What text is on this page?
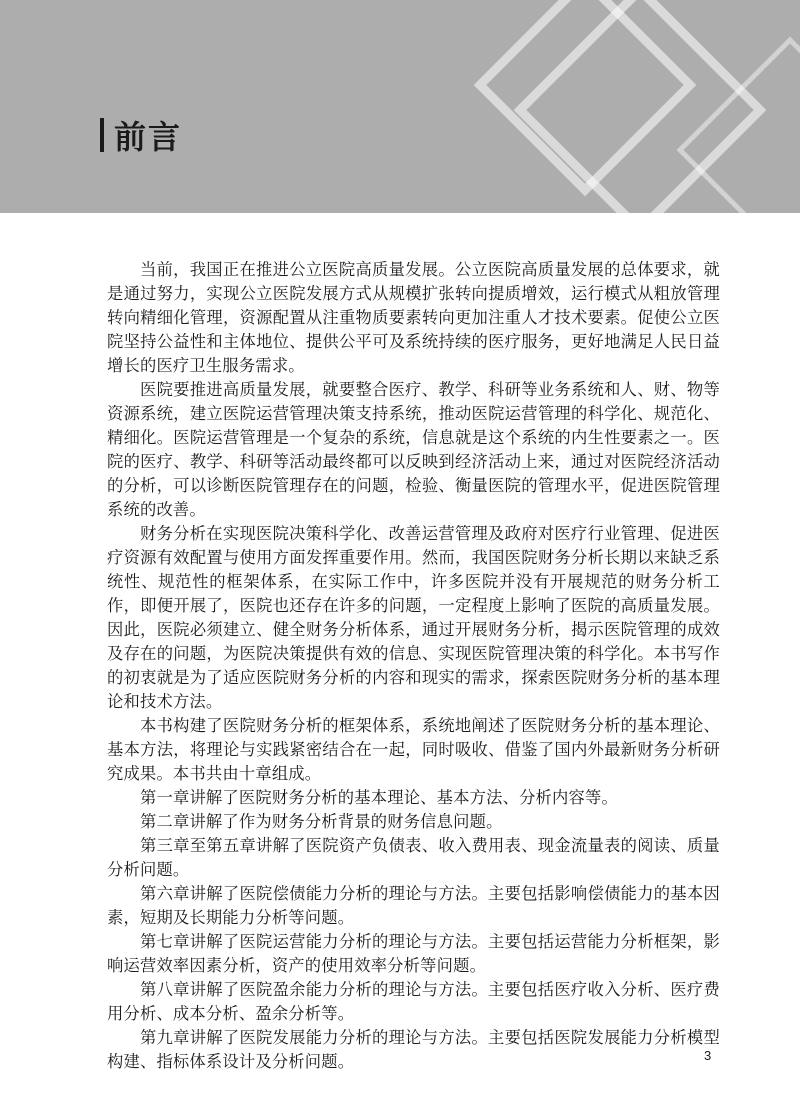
前言

当前，我国正在推进公立医院高质量发展。公立医院高质量发展的总体要求，就是通过努力，实现公立医院发展方式从规模扩张转向提质增效，运行模式从粗放管理转向精细化管理，资源配置从注重物质要素转向更加注重人才技术要素。促使公立医院坚持公益性和主体地位、提供公平可及系统持续的医疗服务，更好地满足人民日益增长的医疗卫生服务需求。

医院要推进高质量发展，就要整合医疗、教学、科研等业务系统和人、财、物等资源系统，建立医院运营管理决策支持系统，推动医院运营管理的科学化、规范化、精细化。医院运营管理是一个复杂的系统，信息就是这个系统的内生性要素之一。医院的医疗、教学、科研等活动最终都可以反映到经济活动上来，通过对医院经济活动的分析，可以诊断医院管理存在的问题，检验、衡量医院的管理水平，促进医院管理系统的改善。

财务分析在实现医院决策科学化、改善运营管理及政府对医疗行业管理、促进医疗资源有效配置与使用方面发挥重要作用。然而，我国医院财务分析长期以来缺乏系统性、规范性的框架体系，在实际工作中，许多医院并没有开展规范的财务分析工作，即便开展了，医院也还存在许多的问题，一定程度上影响了医院的高质量发展。因此，医院必须建立、健全财务分析体系，通过开展财务分析，揭示医院管理的成效及存在的问题，为医院决策提供有效的信息、实现医院管理决策的科学化。本书写作的初衷就是为了适应医院财务分析的内容和现实的需求，探索医院财务分析的基本理论和技术方法。

本书构建了医院财务分析的框架体系，系统地阐述了医院财务分析的基本理论、基本方法，将理论与实践紧密结合在一起，同时吸收、借鉴了国内外最新财务分析研究成果。本书共由十章组成。

第一章讲解了医院财务分析的基本理论、基本方法、分析内容等。

第二章讲解了作为财务分析背景的财务信息问题。

第三章至第五章讲解了医院资产负债表、收入费用表、现金流量表的阅读、质量分析问题。

第六章讲解了医院偿债能力分析的理论与方法。主要包括影响偿债能力的基本因素，短期及长期能力分析等问题。

第七章讲解了医院运营能力分析的理论与方法。主要包括运营能力分析框架，影响运营效率因素分析，资产的使用效率分析等问题。

第八章讲解了医院盈余能力分析的理论与方法。主要包括医疗收入分析、医疗费用分析、成本分析、盈余分析等。

第九章讲解了医院发展能力分析的理论与方法。主要包括医院发展能力分析模型构建、指标体系设计及分析问题。	3
